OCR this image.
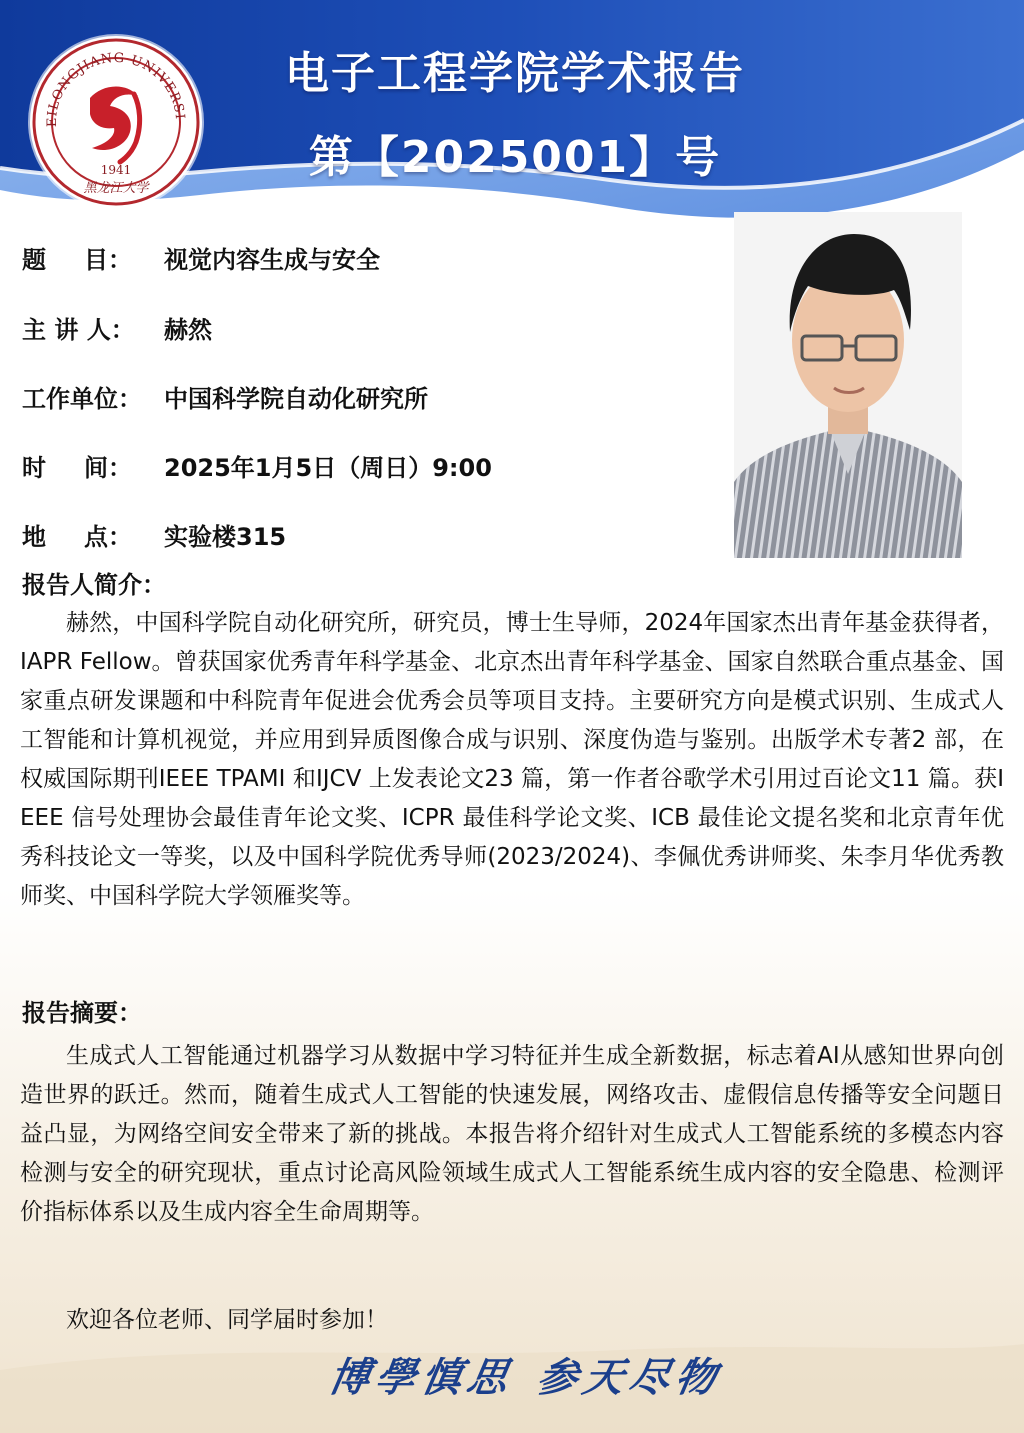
EILONGJIANG UNIVERSI
1941
黑龙江大学
电子工程学院学术报告
第【2025001】号
题 目： 视觉内容生成与安全
主 讲 人： 赫然
工作单位： 中国科学院自动化研究所
时 间： 2025年1月5日（周日）9:00
地 点： 实验楼315
报告人简介：
赫然，中国科学院自动化研究所，研究员，博士生导师，2024年国家杰出青年基金获得者，IAPR Fellow。曾获国家优秀青年科学基金、北京杰出青年科学基金、国家自然联合重点基金、国家重点研发课题和中科院青年促进会优秀会员等项目支持。主要研究方向是模式识别、生成式人工智能和计算机视觉，并应用到异质图像合成与识别、深度伪造与鉴别。出版学术专著2 部，在权威国际期刊IEEE TPAMI 和IJCV 上发表论文23 篇，第一作者谷歌学术引用过百论文11 篇。获IEEE 信号处理协会最佳青年论文奖、ICPR 最佳科学论文奖、ICB 最佳论文提名奖和北京青年优秀科技论文一等奖，以及中国科学院优秀导师(2023/2024)、李佩优秀讲师奖、朱李月华优秀教师奖、中国科学院大学领雁奖等。
报告摘要：
生成式人工智能通过机器学习从数据中学习特征并生成全新数据，标志着AI从感知世界向创造世界的跃迁。然而，随着生成式人工智能的快速发展，网络攻击、虚假信息传播等安全问题日益凸显，为网络空间安全带来了新的挑战。本报告将介绍针对生成式人工智能系统的多模态内容检测与安全的研究现状，重点讨论高风险领域生成式人工智能系统生成内容的安全隐患、检测评价指标体系以及生成内容全生命周期等。
欢迎各位老师、同学届时参加！
博學慎思 参天尽物
